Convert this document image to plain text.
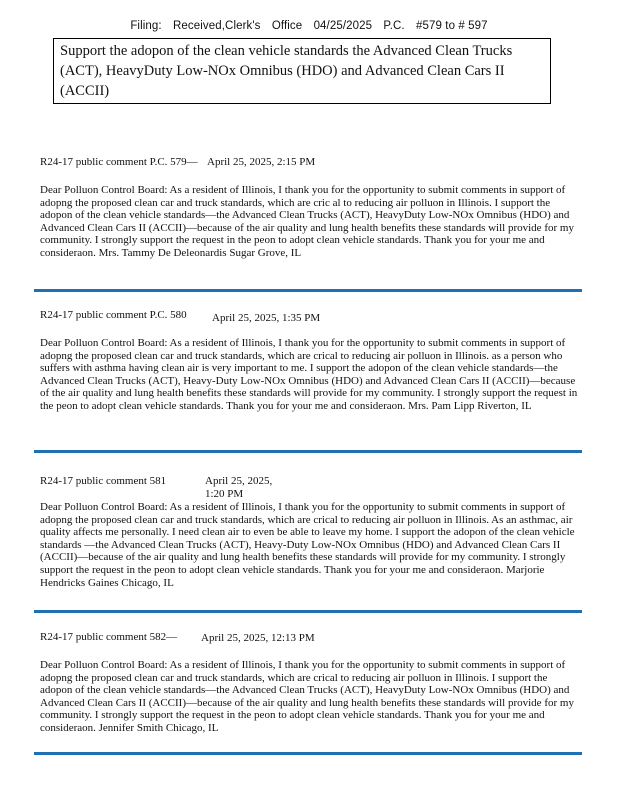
Filing: Received,Clerk's Office 04/25/2025 P.C. #579 to # 597
Support the adopon of the clean vehicle standards the Advanced Clean Trucks (ACT), HeavyDuty Low-NOx Omnibus (HDO) and Advanced Clean Cars II (ACCII)
R24-17 public comment P.C. 579— April 25, 2025, 2:15 PM
Dear Polluon Control Board: As a resident of Illinois, I thank you for the opportunity to submit comments in support of adopng the proposed clean car and truck standards, which are cric al to reducing air polluon in Illinois. I support the adopon of the clean vehicle standards—the Advanced Clean Trucks (ACT), HeavyDuty Low-NOx Omnibus (HDO) and Advanced Clean Cars II (ACCII)—because of the air quality and lung health benefits these standards will provide for my community. I strongly support the request in the peon to adopt clean vehicle standards. Thank you for your me and consideraon. Mrs. Tammy De Deleonardis Sugar Grove, IL
R24-17 public comment P.C. 580 April 25, 2025, 1:35 PM
Dear Polluon Control Board: As a resident of Illinois, I thank you for the opportunity to submit comments in support of adopng the proposed clean car and truck standards, which are crical to reducing air polluon in Illinois. as a person who suffers with asthma having clean air is very important to me. I support the adopon of the clean vehicle standards—the Advanced Clean Trucks (ACT), Heavy-Duty Low-NOx Omnibus (HDO) and Advanced Clean Cars II (ACCII)—because of the air quality and lung health benefits these standards will provide for my community. I strongly support the request in the peon to adopt clean vehicle standards. Thank you for your me and consideraon. Mrs. Pam Lipp Riverton, IL
R24-17 public comment 581	April 25, 2025,
1:20 PM
Dear Polluon Control Board: As a resident of Illinois, I thank you for the opportunity to submit comments in support of adopng the proposed clean car and truck standards, which are crical to reducing air polluon in Illinois. As an asthmac, air quality affects me personally. I need clean air to even be able to leave my home. I support the adopon of the clean vehicle standards —the Advanced Clean Trucks (ACT), Heavy-Duty Low-NOx Omnibus (HDO) and Advanced Clean Cars II (ACCII)—because of the air quality and lung health benefits these standards will provide for my community. I strongly support the request in the peon to adopt clean vehicle standards. Thank you for your me and consideraon. Marjorie Hendricks Gaines Chicago, IL
R24-17 public comment 582— April 25, 2025, 12:13 PM
Dear Polluon Control Board: As a resident of Illinois, I thank you for the opportunity to submit comments in support of adopng the proposed clean car and truck standards, which are crical to reducing air polluon in Illinois. I support the adopon of the clean vehicle standards—the Advanced Clean Trucks (ACT), HeavyDuty Low-NOx Omnibus (HDO) and Advanced Clean Cars II (ACCII)—because of the air quality and lung health benefits these standards will provide for my community. I strongly support the request in the peon to adopt clean vehicle standards. Thank you for your me and consideraon. Jennifer Smith Chicago, IL
